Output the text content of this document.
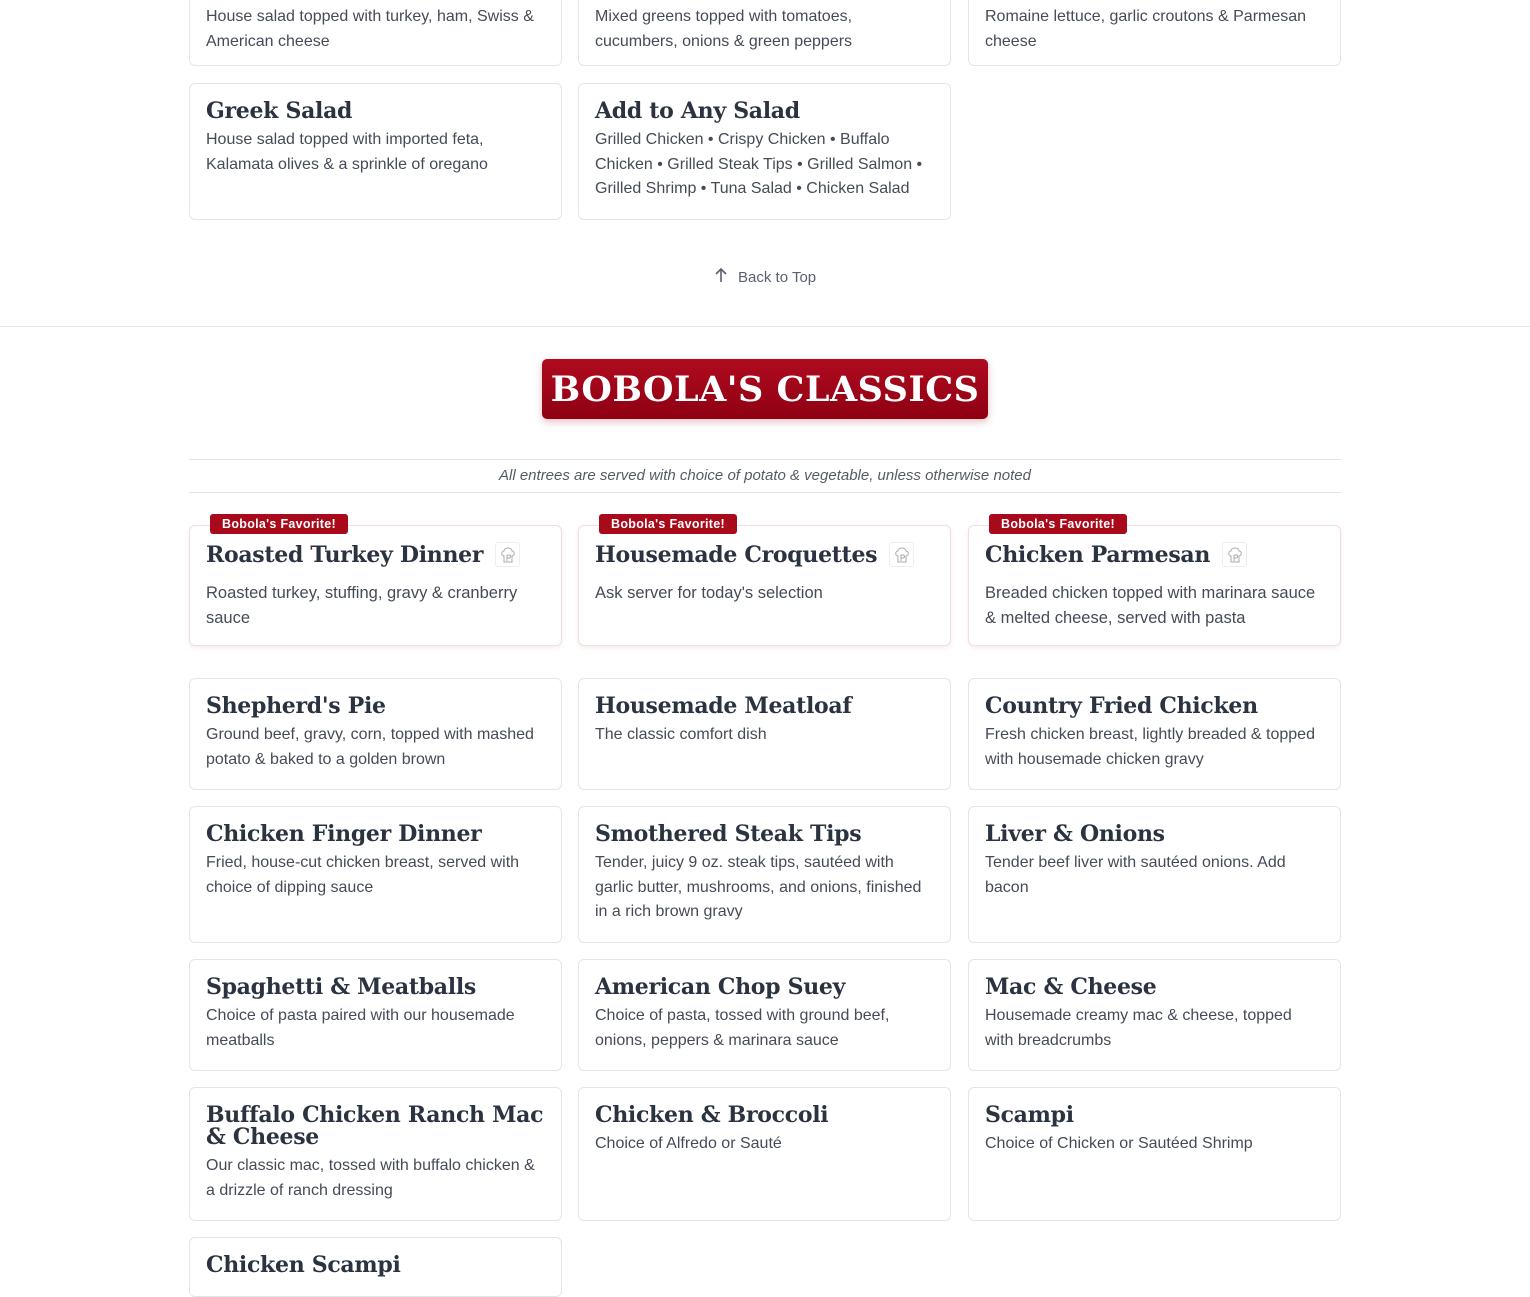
House salad topped with turkey, ham, Swiss & American cheese
Mixed greens topped with tomatoes, cucumbers, onions & green peppers
Romaine lettuce, garlic croutons & Parmesan cheese
Greek Salad
House salad topped with imported feta, Kalamata olives & a sprinkle of oregano
Add to Any Salad
Grilled Chicken • Crispy Chicken • Buffalo Chicken • Grilled Steak Tips • Grilled Salmon • Grilled Shrimp • Tuna Salad • Chicken Salad
Bobola's Favorite!
Roasted Turkey Dinner
Roasted turkey, stuffing, gravy & cranberry sauce
Bobola's Favorite!
Housemade Croquettes
Ask server for today's selection
Bobola's Favorite!
Chicken Parmesan
Breaded chicken topped with marinara sauce & melted cheese, served with pasta
Shepherd's Pie
Ground beef, gravy, corn, topped with mashed potato & baked to a golden brown
Housemade Meatloaf
The classic comfort dish
Country Fried Chicken
Fresh chicken breast, lightly breaded & topped with housemade chicken gravy
Chicken Finger Dinner
Fried, house-cut chicken breast, served with choice of dipping sauce
Smothered Steak Tips
Tender, juicy 9 oz. steak tips, sautéed with garlic butter, mushrooms, and onions, finished in a rich brown gravy
Liver & Onions
Tender beef liver with sautéed onions. Add bacon
Spaghetti & Meatballs
Choice of pasta paired with our housemade meatballs
American Chop Suey
Choice of pasta, tossed with ground beef, onions, peppers & marinara sauce
Mac & Cheese
Housemade creamy mac & cheese, topped with breadcrumbs
Buffalo Chicken Ranch Mac & Cheese
Our classic mac, tossed with buffalo chicken & a drizzle of ranch dressing
Chicken & Broccoli
Choice of Alfredo or Sauté
Scampi
Choice of Chicken or Sautéed Shrimp
Chicken Scampi
Back to Top
BOBOLA'S CLASSICS
All entrees are served with choice of potato & vegetable, unless otherwise noted
